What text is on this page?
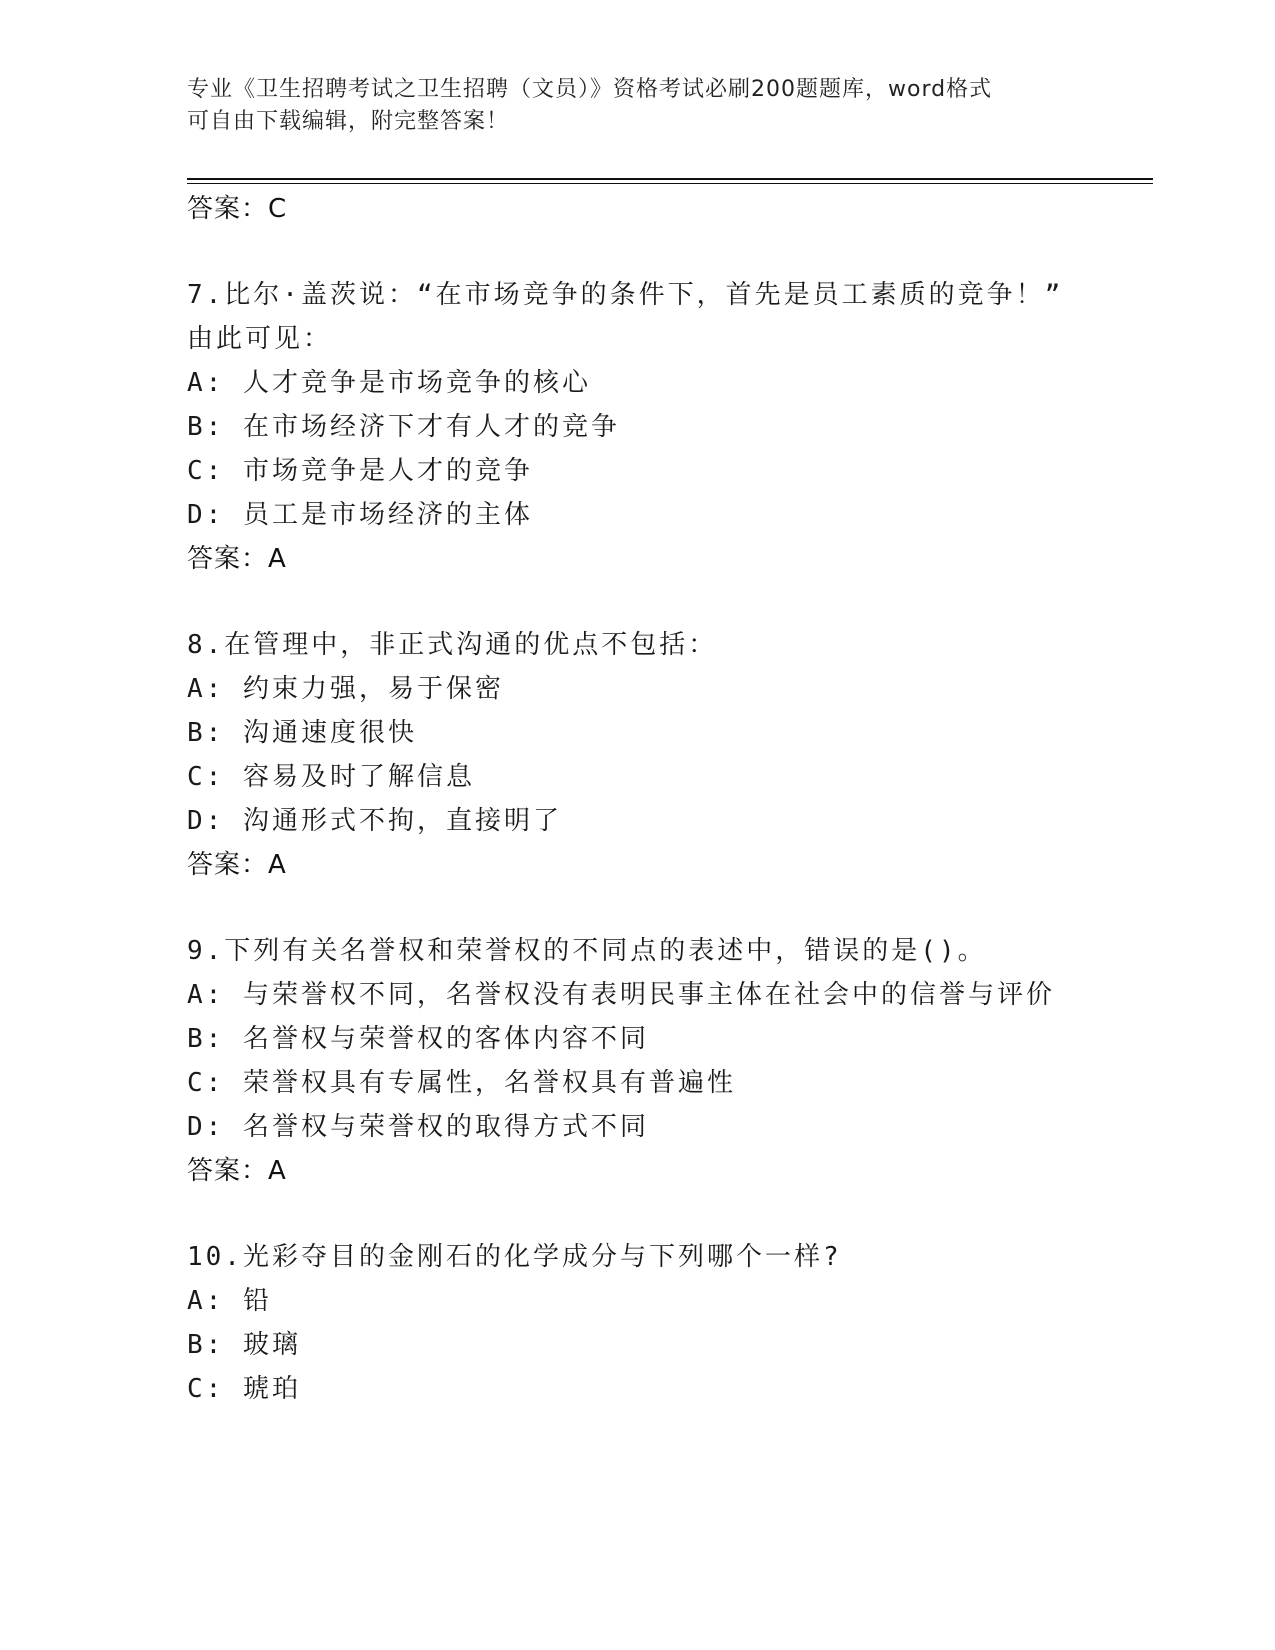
专业《卫生招聘考试之卫生招聘（文员）》资格考试必刷200题题库，word格式
可自由下载编辑，附完整答案！
答案：C
7.比尔·盖茨说：“在市场竞争的条件下，首先是员工素质的竞争！”
由此可见：
A: 人才竞争是市场竞争的核心
B: 在市场经济下才有人才的竞争
C: 市场竞争是人才的竞争
D: 员工是市场经济的主体
答案：A
8.在管理中，非正式沟通的优点不包括：
A: 约束力强，易于保密
B: 沟通速度很快
C: 容易及时了解信息
D: 沟通形式不拘，直接明了
答案：A
9.下列有关名誉权和荣誉权的不同点的表述中，错误的是()。
A: 与荣誉权不同，名誉权没有表明民事主体在社会中的信誉与评价
B: 名誉权与荣誉权的客体内容不同
C: 荣誉权具有专属性，名誉权具有普遍性
D: 名誉权与荣誉权的取得方式不同
答案：A
10.光彩夺目的金刚石的化学成分与下列哪个一样?
A: 铅
B: 玻璃
C: 琥珀
